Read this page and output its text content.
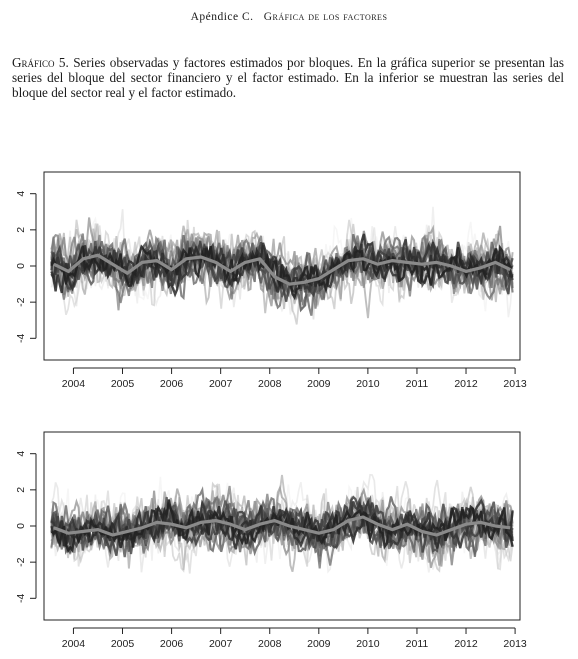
Apéndice C. Gráfica de los factores
Gráfico 5. Series observadas y factores estimados por bloques. En la gráfica superior se presentan las series del bloque del sector financiero y el factor estimado. En la inferior se muestran las series del bloque del sector real y el factor estimado.
2004 2005 2006 2007 2008 2009 2010 2011 2012 2013
4
2
0
-2
-4
2004 2005 2006 2007 2008 2009 2010 2011 2012 2013
4
2
0
-2
-4
